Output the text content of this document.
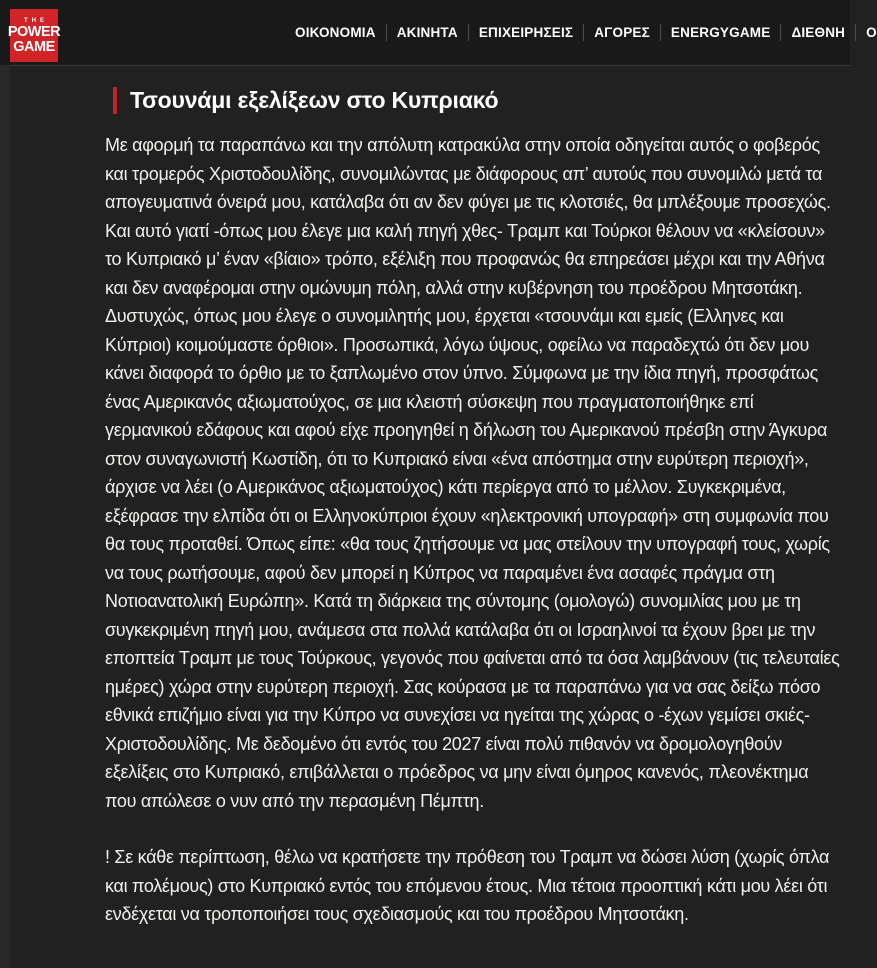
THE
POWER
GAME
ΟΙΚΟΝΟΜΙΑ ΑΚΙΝΗΤΑ ΕΠΙΧΕΙΡΗΣΕΙΣ ΑΓΟΡΕΣ ENERGYGAME ΔΙΕΘΝΗ Ο
Τσουνάμι εξελίξεων στο Κυπριακό

Με αφορμή τα παραπάνω και την απόλυτη κατρακύλα στην οποία οδηγείται αυτός ο φοβερός και τρομερός Χριστοδουλίδης, συνομιλώντας με διάφορους απ’ αυτούς που συνομιλώ μετά τα απογευματινά όνειρά μου, κατάλαβα ότι αν δεν φύγει με τις κλοτσιές, θα μπλέξουμε προσεχώς. Και αυτό γιατί -όπως μου έλεγε μια καλή πηγή χθες- Τραμπ και Τούρκοι θέλουν να «κλείσουν» το Κυπριακό μ’ έναν «βίαιο» τρόπο, εξέλιξη που προφανώς θα επηρεάσει μέχρι και την Αθήνα και δεν αναφέρομαι στην ομώνυμη πόλη, αλλά στην κυβέρνηση του προέδρου Μητσοτάκη. Δυστυχώς, όπως μου έλεγε ο συνομιλητής μου, έρχεται «τσουνάμι και εμείς (Ελληνες και Κύπριοι) κοιμούμαστε όρθιοι». Προσωπικά, λόγω ύψους, οφείλω να παραδεχτώ ότι δεν μου κάνει διαφορά το όρθιο με το ξαπλωμένο στον ύπνο. Σύμφωνα με την ίδια πηγή, προσφάτως ένας Αμερικανός αξιωματούχος, σε μια κλειστή σύσκεψη που πραγματοποιήθηκε επί γερμανικού εδάφους και αφού είχε προηγηθεί η δήλωση του Αμερικανού πρέσβη στην Άγκυρα στον συναγωνιστή Κωστίδη, ότι το Κυπριακό είναι «ένα απόστημα στην ευρύτερη περιοχή», άρχισε να λέει (ο Αμερικάνος αξιωματούχος) κάτι περίεργα από το μέλλον. Συγκεκριμένα, εξέφρασε την ελπίδα ότι οι Ελληνοκύπριοι έχουν «ηλεκτρονική υπογραφή» στη συμφωνία που θα τους προταθεί. Όπως είπε: «θα τους ζητήσουμε να μας στείλουν την υπογραφή τους, χωρίς να τους ρωτήσουμε, αφού δεν μπορεί η Κύπρος να παραμένει ένα ασαφές πράγμα στη Νοτιοανατολική Ευρώπη». Κατά τη διάρκεια της σύντομης (ομολογώ) συνομιλίας μου με τη συγκεκριμένη πηγή μου, ανάμεσα στα πολλά κατάλαβα ότι οι Ισραηλινοί τα έχουν βρει με την εποπτεία Τραμπ με τους Τούρκους, γεγονός που φαίνεται από τα όσα λαμβάνουν (τις τελευταίες ημέρες) χώρα στην ευρύτερη περιοχή. Σας κούρασα με τα παραπάνω για να σας δείξω πόσο εθνικά επιζήμιο είναι για την Κύπρο να συνεχίσει να ηγείται της χώρας ο -έχων γεμίσει σκιές- Χριστοδουλίδης. Με δεδομένο ότι εντός του 2027 είναι πολύ πιθανόν να δρομολογηθούν εξελίξεις στο Κυπριακό, επιβάλλεται ο πρόεδρος να μην είναι όμηρος κανενός, πλεονέκτημα που απώλεσε ο νυν από την περασμένη Πέμπτη.

! Σε κάθε περίπτωση, θέλω να κρατήσετε την πρόθεση του Τραμπ να δώσει λύση (χωρίς όπλα και πολέμους) στο Κυπριακό εντός του επόμενου έτους. Μια τέτοια προοπτική κάτι μου λέει ότι ενδέχεται να τροποποιήσει τους σχεδιασμούς και του προέδρου Μητσοτάκη.
